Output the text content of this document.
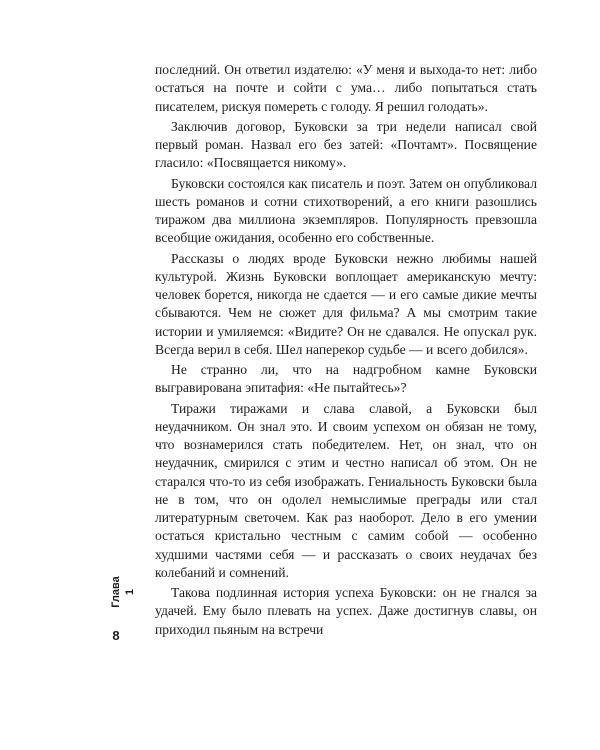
последний. Он ответил издателю: «У меня и выхода-то нет: либо остаться на почте и сойти с ума… либо попытаться стать писателем, рискуя помереть с голоду. Я решил голодать».

Заключив договор, Буковски за три недели написал свой первый роман. Назвал его без затей: «Почтамт». Посвящение гласило: «Посвящается никому».

Буковски состоялся как писатель и поэт. Затем он опубликовал шесть романов и сотни стихотворений, а его книги разошлись тиражом два миллиона экземпляров. Популярность превзошла всеобщие ожидания, особенно его собственные.

Рассказы о людях вроде Буковски нежно любимы нашей культурой. Жизнь Буковски воплощает американскую мечту: человек борется, никогда не сдается — и его самые дикие мечты сбываются. Чем не сюжет для фильма? А мы смотрим такие истории и умиляемся: «Видите? Он не сдавался. Не опускал рук. Всегда верил в себя. Шел наперекор судьбе — и всего добился».

Не странно ли, что на надгробном камне Буковски выгравирована эпитафия: «Не пытайтесь»?

Тиражи тиражами и слава славой, а Буковски был неудачником. Он знал это. И своим успехом он обязан не тому, что вознамерился стать победителем. Нет, он знал, что он неудачник, смирился с этим и честно написал об этом. Он не старался что-то из себя изображать. Гениальность Буковски была не в том, что он одолел немыслимые преграды или стал литературным светочем. Как раз наоборот. Дело в его умении остаться кристально честным с самим собой — особенно худшими частями себя — и рассказать о своих неудачах без колебаний и сомнений.

Такова подлинная история успеха Буковски: он не гнался за удачей. Ему было плевать на успех. Даже достигнув славы, он приходил пьяным на встречи

Глава 1
8
